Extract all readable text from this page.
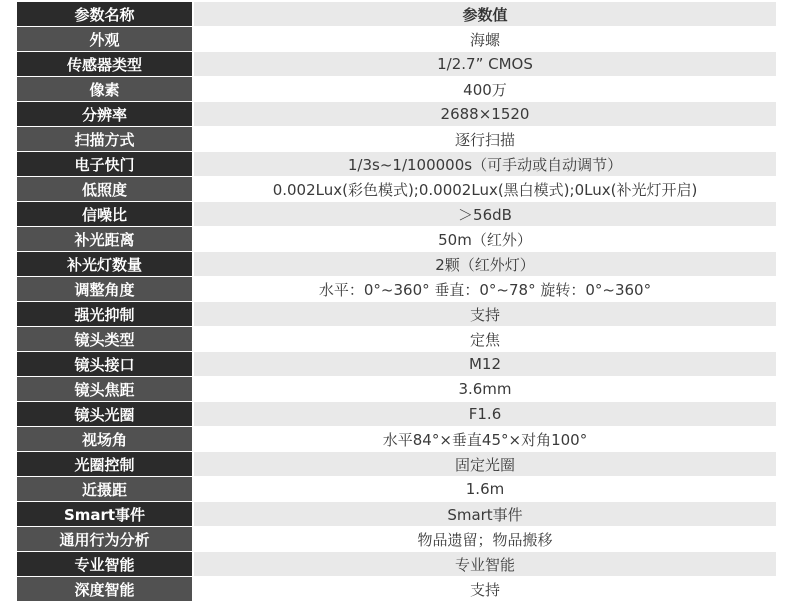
参数名称	参数值
外观	海螺
传感器类型	1/2.7” CMOS
像素	400万
分辨率	2688×1520
扫描方式	逐行扫描
电子快门	1/3s~1/100000s（可手动或自动调节）
低照度	0.002Lux(彩色模式);0.0002Lux(黑白模式);0Lux(补光灯开启)
信噪比	＞56dB
补光距离	50m（红外）
补光灯数量	2颗（红外灯）
调整角度	水平：0°~360° 垂直：0°~78° 旋转：0°~360°
强光抑制	支持
镜头类型	定焦
镜头接口	M12
镜头焦距	3.6mm
镜头光圈	F1.6
视场角	水平84°×垂直45°×对角100°
光圈控制	固定光圈
近摄距	1.6m
Smart事件	Smart事件
通用行为分析	物品遗留；物品搬移
专业智能	专业智能
深度智能	支持
